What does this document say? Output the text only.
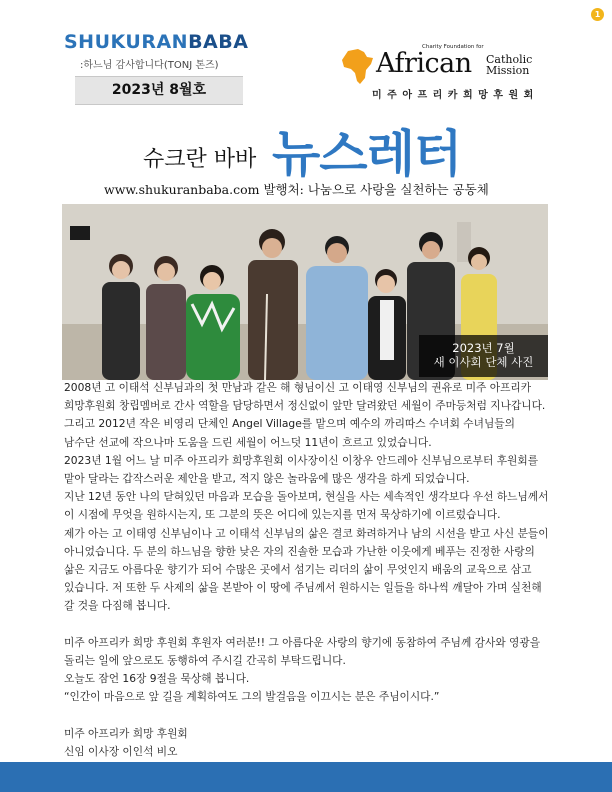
1
SHUKURANBABA
:하느님 감사합니다(TONJ 톤즈)
2023년 8월호
Charity Foundation for
African Catholic
Mission
미주아프리카희망후원회
슈크란 바바 뉴스레터
www.shukuranbaba.com 발행처: 나눔으로 사랑을 실천하는 공동체
2023년 7월
새 이사회 단체 사진

2008년 고 이태석 신부님과의 첫 만남과 같은 해 형님이신 고 이태영 신부님의 권유로 미주 아프리카

희망후원회 창립멤버로 간사 역할을 담당하면서 정신없이 앞만 달려왔던 세월이 주마등처럼 지나갑니다.

그리고 2012년 작은 비영리 단체인 Angel Village를 맡으며 예수의 까리따스 수녀회 수녀님들의

남수단 선교에 작으나마 도움을 드린 세월이 어느덧 11년이 흐르고 있었습니다.

2023년 1월 어느 날 미주 아프리카 희망후원회 이사장이신 이창우 안드레아 신부님으로부터 후원회를

맡아 달라는 갑작스러운 제안을 받고, 적지 않은 놀라움에 많은 생각을 하게 되었습니다.

지난 12년 동안 나의 닫혀있던 마음과 모습을 돌아보며, 현실을 사는 세속적인 생각보다 우선 하느님께서

이 시점에 무엇을 원하시는지, 또 그분의 뜻은 어디에 있는지를 먼저 묵상하기에 이르렀습니다.

제가 아는 고 이태영 신부님이나 고 이태석 신부님의 삶은 결코 화려하거나 남의 시선을 받고 사신 분들이

아니었습니다. 두 분의 하느님을 향한 낮은 자의 진솔한 모습과 가난한 이웃에게 베푸는 진정한 사랑의

삶은 지금도 아름다운 향기가 되어 수많은 곳에서 섬기는 리더의 삶이 무엇인지 배움의 교육으로 삼고

있습니다. 저 또한 두 사제의 삶을 본받아 이 땅에 주님께서 원하시는 일들을 하나씩 깨달아 가며 실천해

갈 것을 다짐해 봅니다.

미주 아프리카 희망 후원회 후원자 여러분!! 그 아름다운 사랑의 향기에 동참하여 주님께 감사와 영광을

돌리는 일에 앞으로도 동행하여 주시길 간곡히 부탁드립니다.

오늘도 잠언 16장 9절을 묵상해 봅니다.

“인간이 마음으로 앞 길을 계획하여도 그의 발걸음을 이끄시는 분은 주님이시다.”

미주 아프리카 희망 후원회

신임 이사장 이인석 비오
